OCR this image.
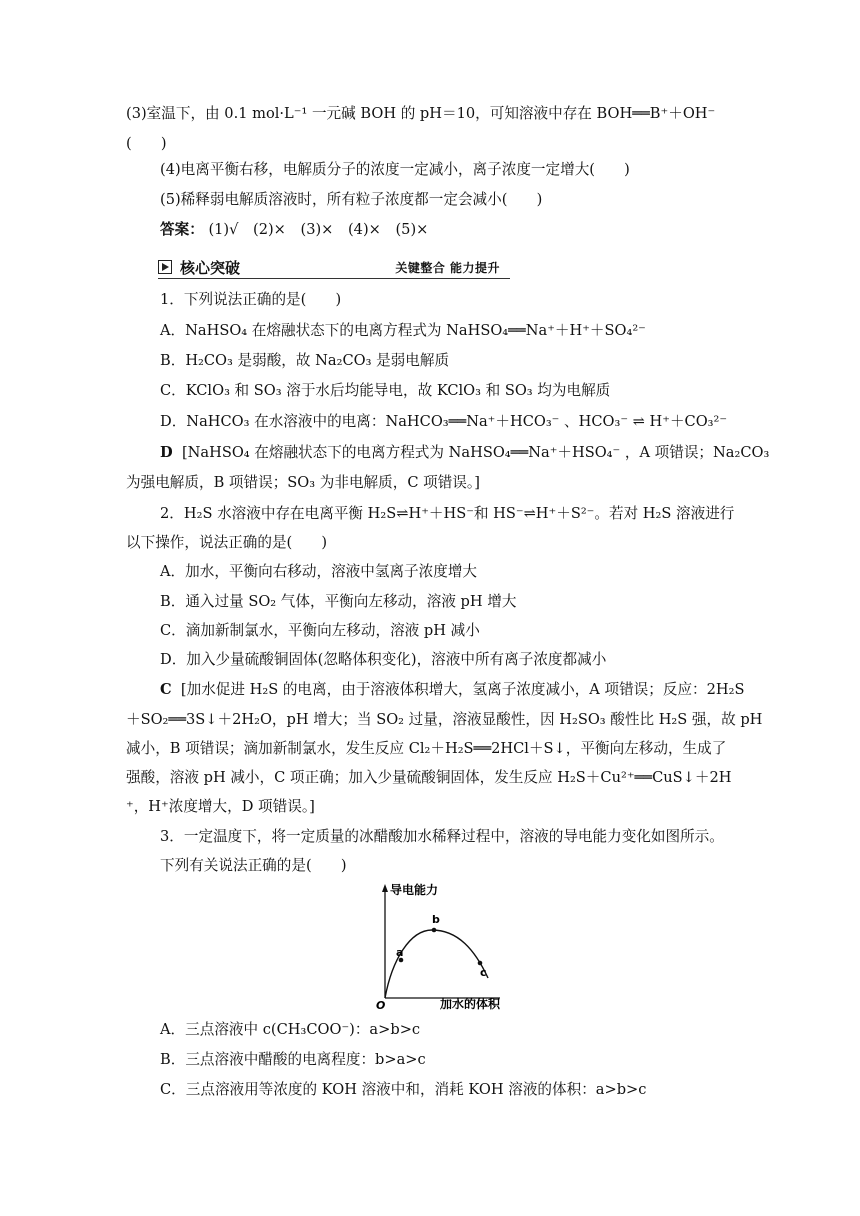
(3)室温下，由 0.1 mol·L⁻¹ 一元碱 BOH 的 pH＝10，可知溶液中存在 BOH══B⁺＋OH⁻
(　　)
(4)电离平衡右移，电解质分子的浓度一定减小，离子浓度一定增大(　　)
(5)稀释弱电解质溶液时，所有粒子浓度都一定会减小(　　)
答案： (1)√　(2)×　(3)×　(4)×　(5)×
核心突破	关键整合 能力提升
1．下列说法正确的是(　　)
A．NaHSO₄ 在熔融状态下的电离方程式为 NaHSO₄══Na⁺＋H⁺＋SO₄²⁻
B．H₂CO₃ 是弱酸，故 Na₂CO₃ 是弱电解质
C．KClO₃ 和 SO₃ 溶于水后均能导电，故 KClO₃ 和 SO₃ 均为电解质
D．NaHCO₃ 在水溶液中的电离：NaHCO₃══Na⁺＋HCO₃⁻ 、HCO₃⁻ ⇌ H⁺＋CO₃²⁻
D [NaHSO₄ 在熔融状态下的电离方程式为 NaHSO₄══Na⁺＋HSO₄⁻ ，A 项错误；Na₂CO₃
为强电解质，B 项错误；SO₃ 为非电解质，C 项错误。]
2．H₂S 水溶液中存在电离平衡 H₂S⇌H⁺＋HS⁻和 HS⁻⇌H⁺＋S²⁻。若对 H₂S 溶液进行
以下操作，说法正确的是(　　)
A．加水，平衡向右移动，溶液中氢离子浓度增大
B．通入过量 SO₂ 气体，平衡向左移动，溶液 pH 增大
C．滴加新制氯水，平衡向左移动，溶液 pH 减小
D．加入少量硫酸铜固体(忽略体积变化)，溶液中所有离子浓度都减小
C [加水促进 H₂S 的电离，由于溶液体积增大，氢离子浓度减小，A 项错误；反应：2H₂S
＋SO₂══3S↓＋2H₂O，pH 增大；当 SO₂ 过量，溶液显酸性，因 H₂SO₃ 酸性比 H₂S 强，故 pH
减小，B 项错误；滴加新制氯水，发生反应 Cl₂＋H₂S══2HCl＋S↓，平衡向左移动，生成了
强酸，溶液 pH 减小，C 项正确；加入少量硫酸铜固体，发生反应 H₂S＋Cu²⁺══CuS↓＋2H
⁺，H⁺浓度增大，D 项错误。]
3．一定温度下，将一定质量的冰醋酸加水稀释过程中，溶液的导电能力变化如图所示。
下列有关说法正确的是(　　)
导电能力
O	加水的体积
a
b
c
A．三点溶液中 c(CH₃COO⁻)：a>b>c
B．三点溶液中醋酸的电离程度：b>a>c
C．三点溶液用等浓度的 KOH 溶液中和，消耗 KOH 溶液的体积：a>b>c
